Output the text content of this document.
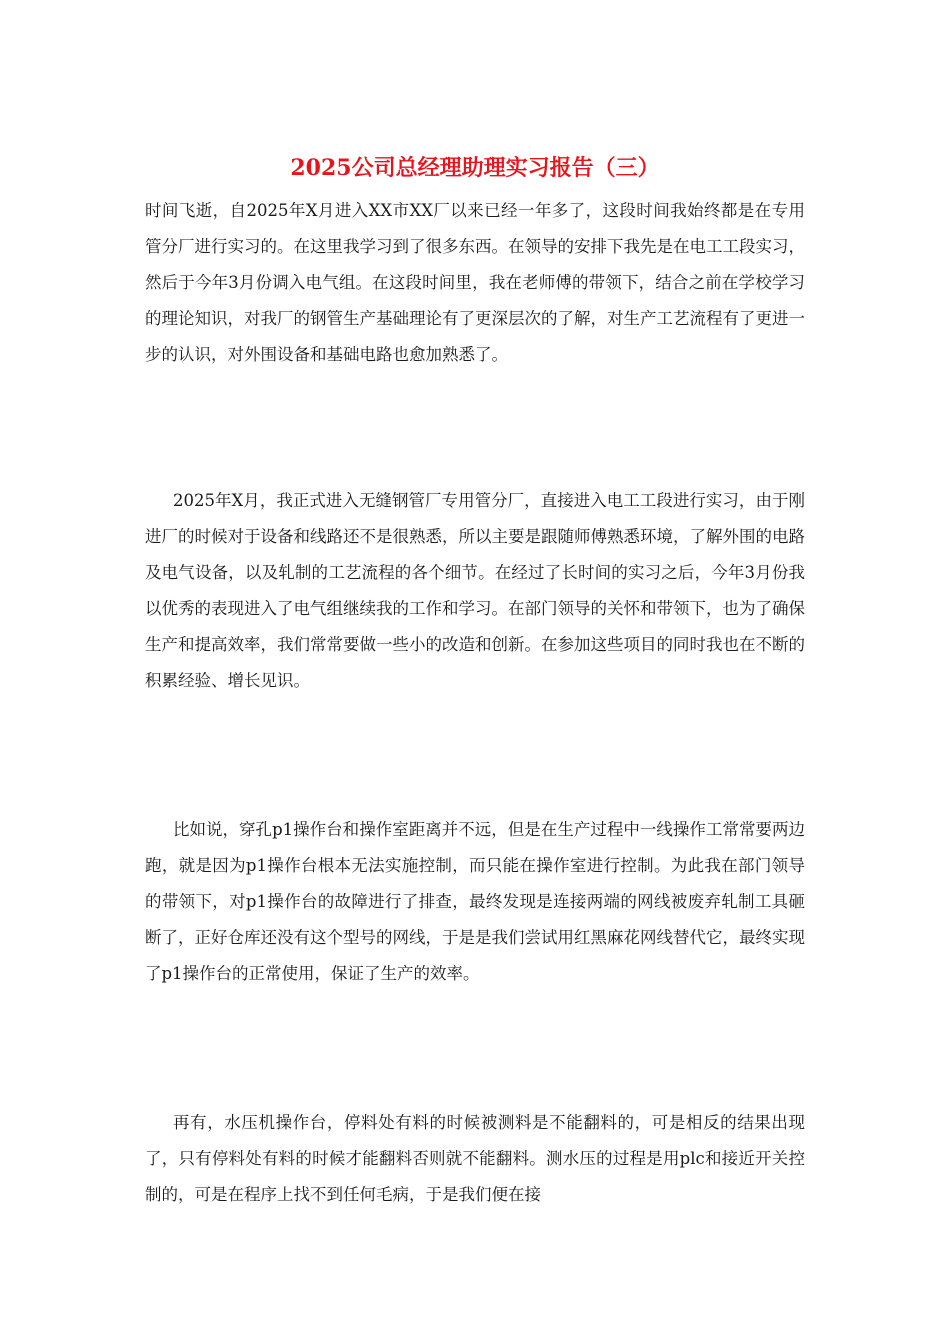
2025公司总经理助理实习报告（三）

时间飞逝，自2025年X月进入XX市XX厂以来已经一年多了，这段时间我始终都是在专用管分厂进行实习的。在这里我学习到了很多东西。在领导的安排下我先是在电工工段实习，然后于今年3月份调入电气组。在这段时间里，我在老师傅的带领下，结合之前在学校学习的理论知识，对我厂的钢管生产基础理论有了更深层次的了解，对生产工艺流程有了更进一步的认识，对外围设备和基础电路也愈加熟悉了。

2025年X月，我正式进入无缝钢管厂专用管分厂，直接进入电工工段进行实习，由于刚进厂的时候对于设备和线路还不是很熟悉，所以主要是跟随师傅熟悉环境，了解外围的电路及电气设备，以及轧制的工艺流程的各个细节。在经过了长时间的实习之后，今年3月份我以优秀的表现进入了电气组继续我的工作和学习。在部门领导的关怀和带领下，也为了确保生产和提高效率，我们常常要做一些小的改造和创新。在参加这些项目的同时我也在不断的积累经验、增长见识。

比如说，穿孔p1操作台和操作室距离并不远，但是在生产过程中一线操作工常常要两边跑，就是因为p1操作台根本无法实施控制，而只能在操作室进行控制。为此我在部门领导的带领下，对p1操作台的故障进行了排查，最终发现是连接两端的网线被废弃轧制工具砸断了，正好仓库还没有这个型号的网线，于是是我们尝试用红黑麻花网线替代它，最终实现了p1操作台的正常使用，保证了生产的效率。

再有，水压机操作台，停料处有料的时候被测料是不能翻料的，可是相反的结果出现了，只有停料处有料的时候才能翻料否则就不能翻料。测水压的过程是用plc和接近开关控制的，可是在程序上找不到任何毛病，于是我们便在接
